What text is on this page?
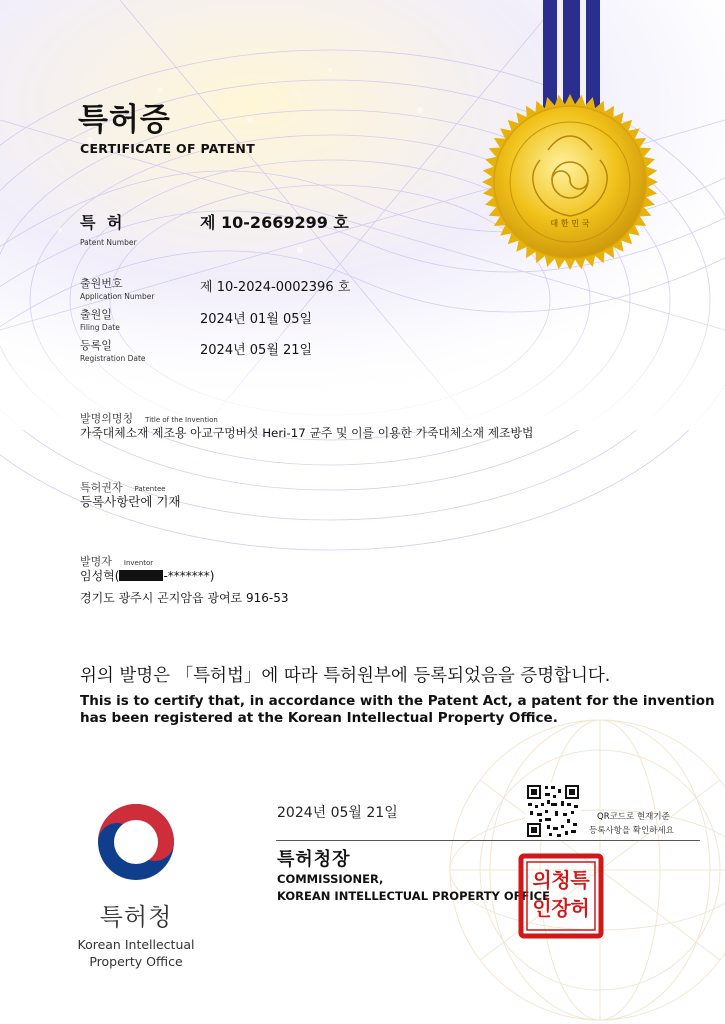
대 한 민 국
특허증
CERTIFICATE OF PATENT
특 허
Patent Number
제 10-2669299 호
출원번호
Application Number
제 10-2024-0002396 호
출원일
Filing Date
2024년 01월 05일
등록일
Registration Date
2024년 05월 21일
발명의명칭 Title of the Invention
가죽대체소재 제조용 아교구멍버섯 Heri-17 균주 및 이를 이용한 가죽대체소재 제조방법
특허권자 Patentee
등록사항란에 기재
발명자 Inventor
임성혁(	-*******)
경기도 광주시 곤지암읍 광여로 916-53
위의 발명은 「특허법」에 따라 특허원부에 등록되었음을 증명합니다.
This is to certify that, in accordance with the Patent Act, a patent for the invention
has been registered at the Korean Intellectual Property Office.
2024년 05월 21일	QR코드로 현재기준
등록사항을 확인하세요
특허청장
COMMISSIONER,
KOREAN INTELLECTUAL PROPERTY OFFICE
특
허
청
장
의
인
특허청
Korean Intellectual
Property Office
